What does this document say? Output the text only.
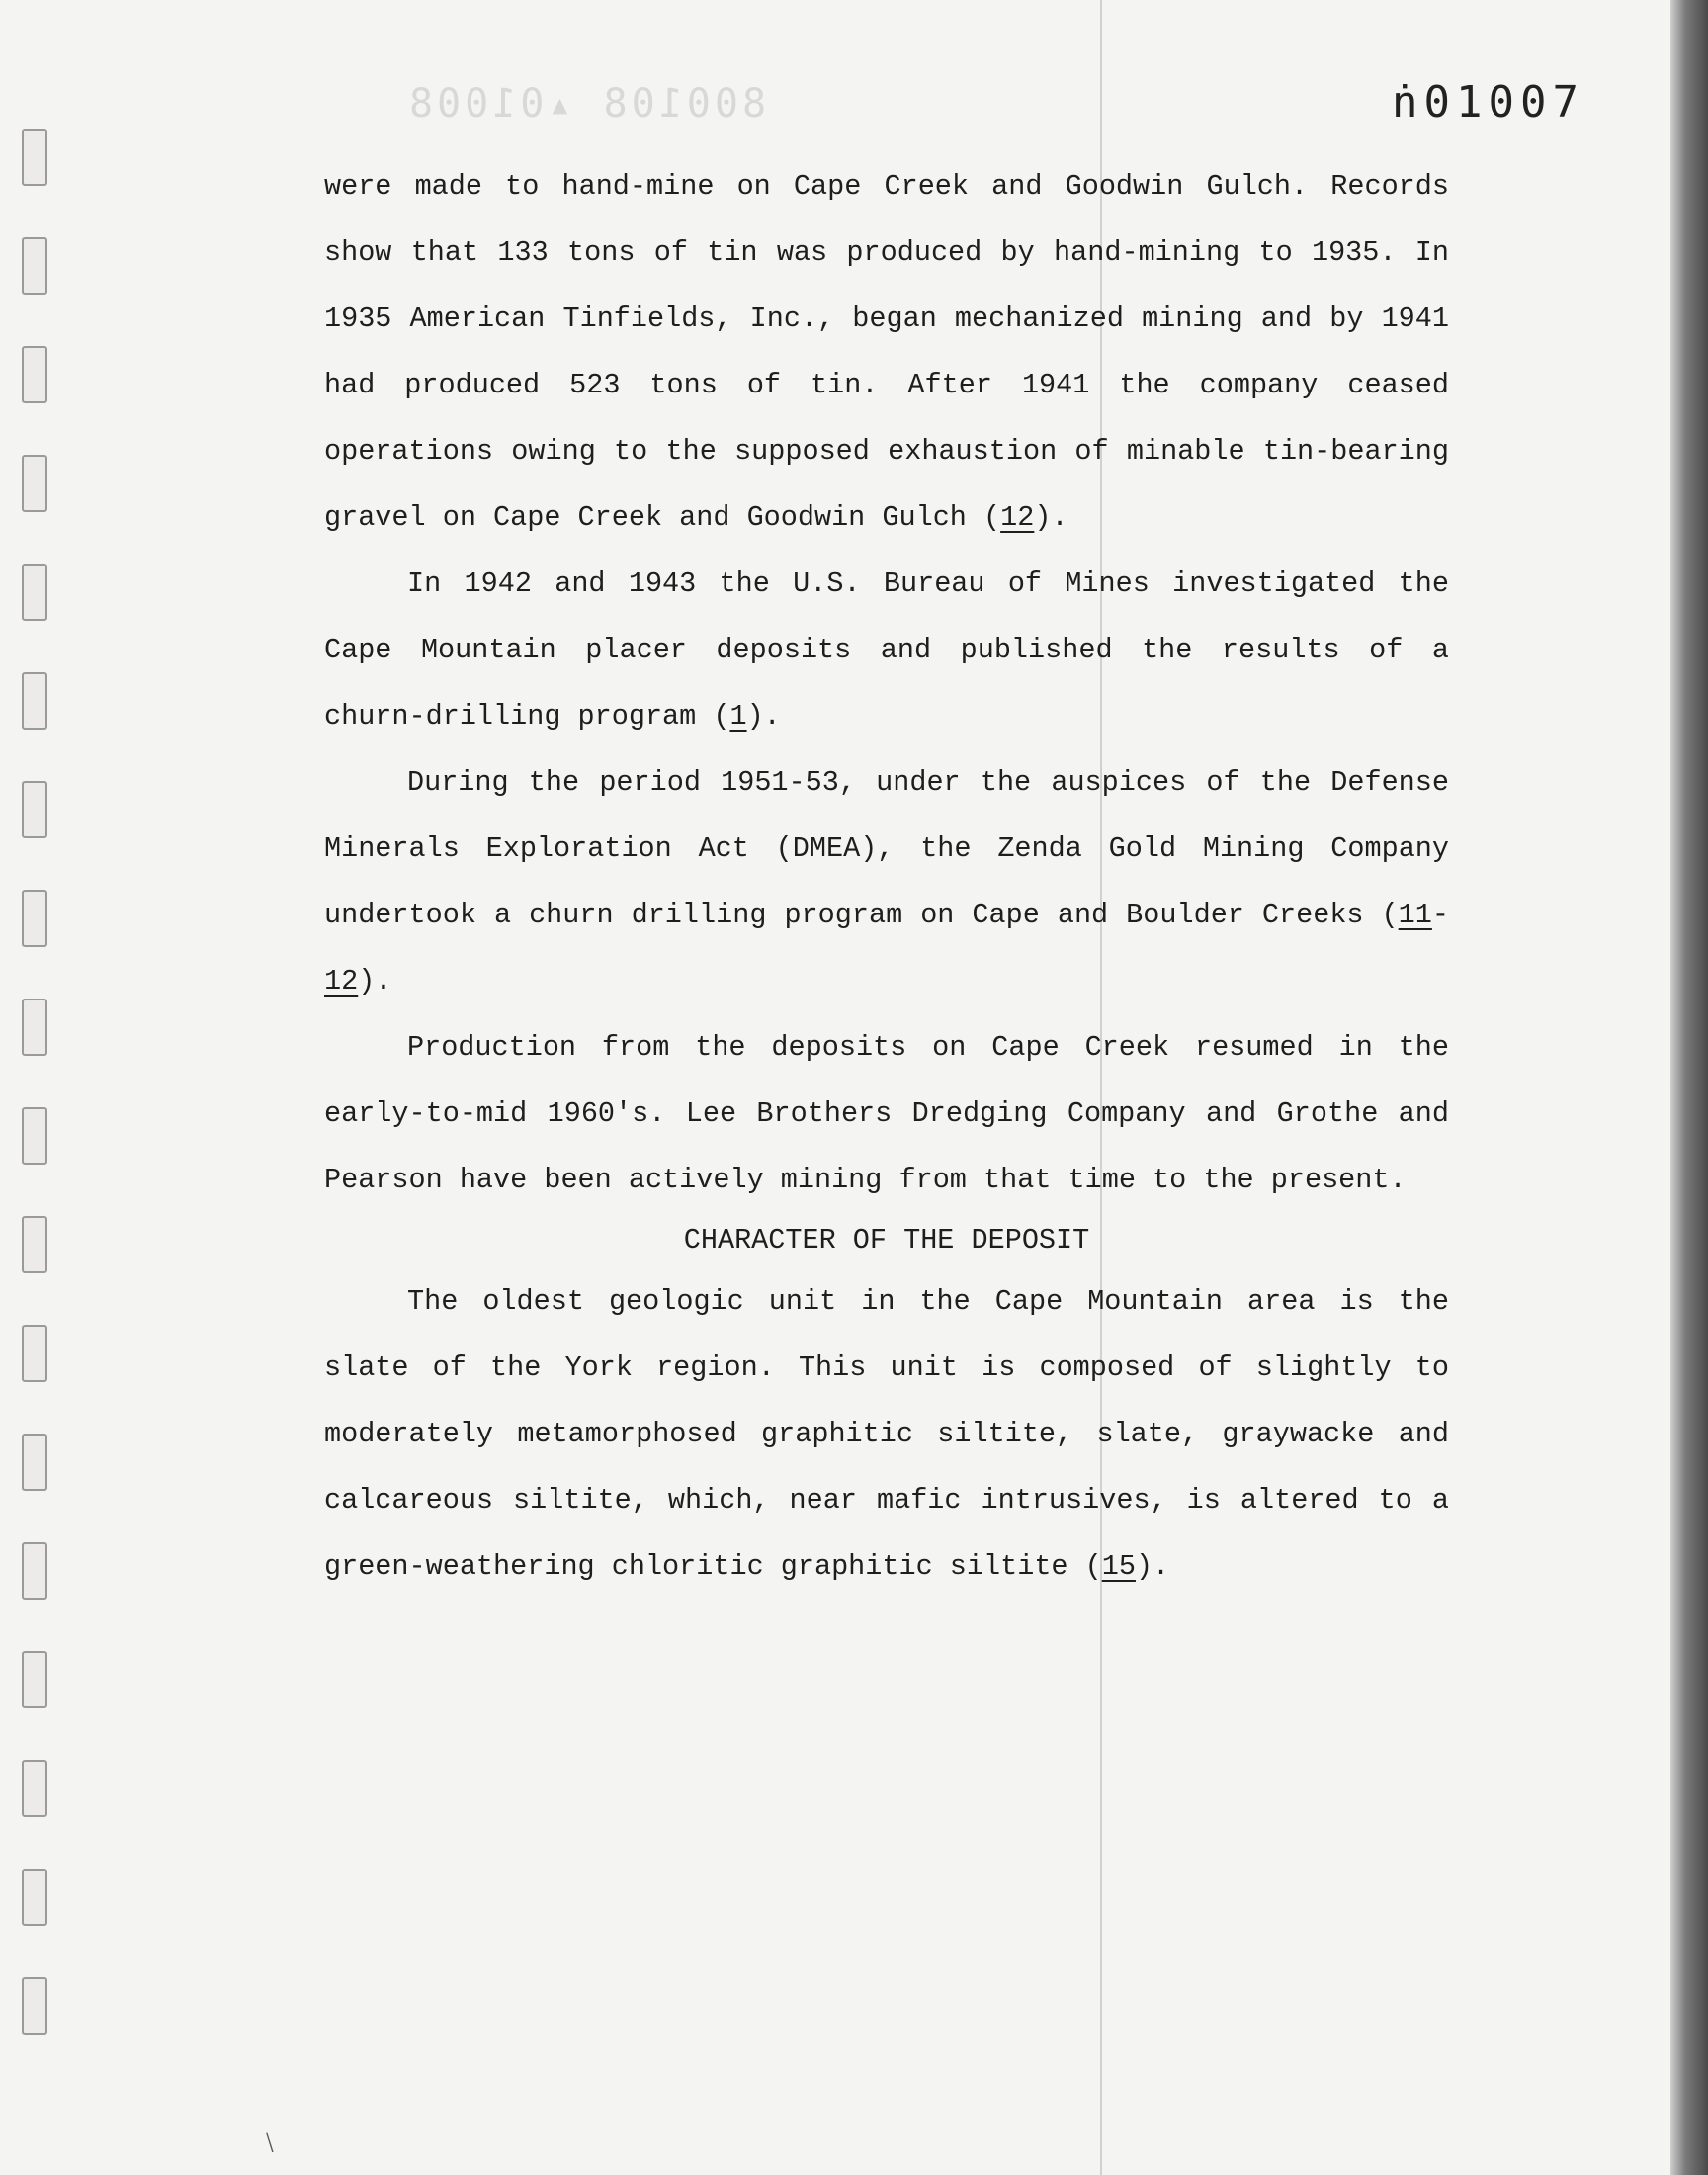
800108 ▴01008	ṅ01007

were made to hand-mine on Cape Creek and Goodwin Gulch. Records show that 133 tons of tin was produced by hand-mining to 1935. In 1935 American Tinfields, Inc., began mechanized mining and by 1941 had produced 523 tons of tin. After 1941 the company ceased operations owing to the supposed exhaustion of minable tin-bearing gravel on Cape Creek and Goodwin Gulch (12).

In 1942 and 1943 the U.S. Bureau of Mines investigated the Cape Mountain placer deposits and published the results of a churn-drilling program (1).

During the period 1951-53, under the auspices of the Defense Minerals Exploration Act (DMEA), the Zenda Gold Mining Company undertook a churn drilling program on Cape and Boulder Creeks (11-12).

Production from the deposits on Cape Creek resumed in the early-to-mid 1960's. Lee Brothers Dredging Company and Grothe and Pearson have been actively mining from that time to the present.

CHARACTER OF THE DEPOSIT

The oldest geologic unit in the Cape Mountain area is the slate of the York region. This unit is composed of slightly to moderately metamorphosed graphitic siltite, slate, graywacke and calcareous siltite, which, near mafic intrusives, is altered to a green-weathering chloritic graphitic siltite (15).

﹨
